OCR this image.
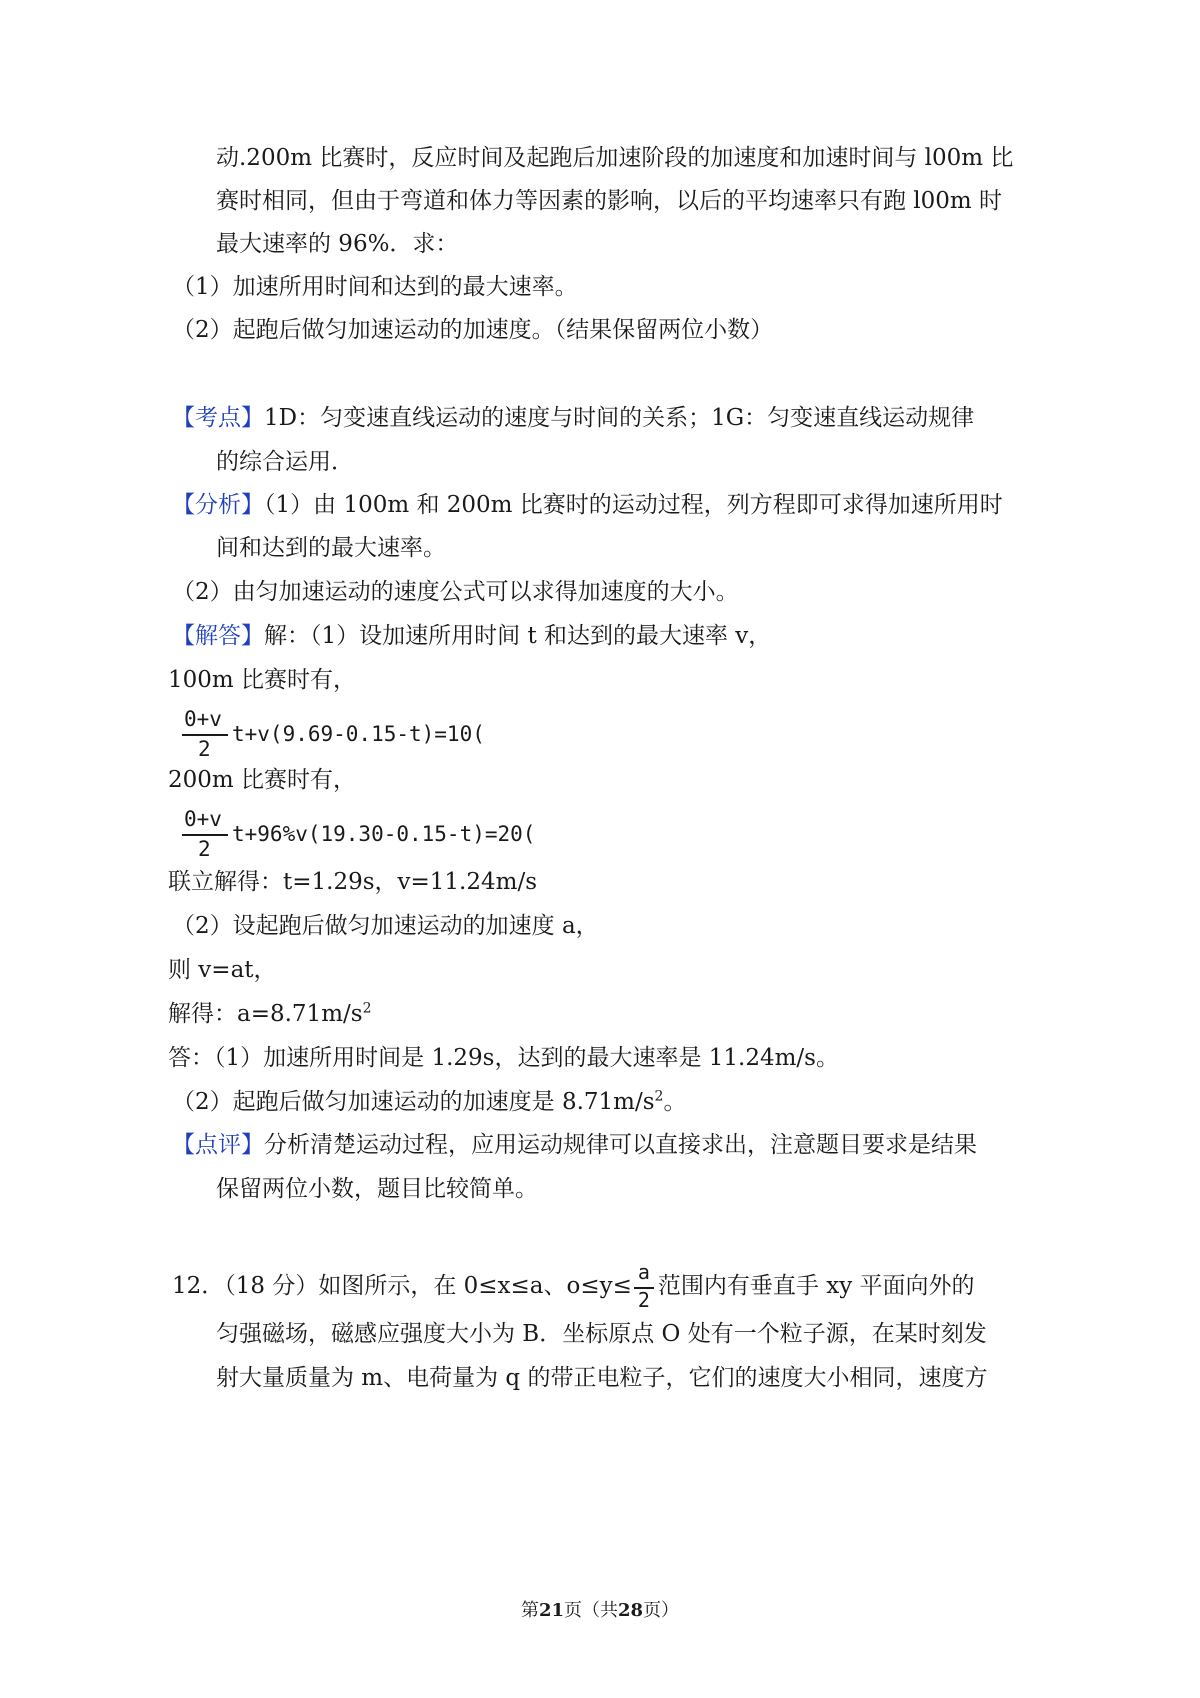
动.200m 比赛时，反应时间及起跑后加速阶段的加速度和加速时间与 l00m 比
赛时相同，但由于弯道和体力等因素的影响，以后的平均速率只有跑 l00m 时
最大速率的 96%．求：
（1）加速所用时间和达到的最大速率。
（2）起跑后做匀加速运动的加速度。（结果保留两位小数）
【考点】1D：匀变速直线运动的速度与时间的关系；1G：匀变速直线运动规律
的综合运用．
【分析】（1）由 100m 和 200m 比赛时的运动过程，列方程即可求得加速所用时
间和达到的最大速率。
（2）由匀加速运动的速度公式可以求得加速度的大小。
【解答】解：（1）设加速所用时间 t 和达到的最大速率 v，
100m 比赛时有，
0+v
2
t+v(9.69-0.15-t)=10(
200m 比赛时有，
0+v
2
t+96%v(19.30-0.15-t)=20(
联立解得：t=1.29s，v=11.24m/s
（2）设起跑后做匀加速运动的加速度 a，
则 v=at，
解得：$a=8.71m/s^2$
答：（1）加速所用时间是 1.29s，达到的最大速率是 11.24m/s。
（2）起跑后做匀加速运动的加速度是 $8.71m/s^2$。
【点评】分析清楚运动过程，应用运动规律可以直接求出，注意题目要求是结果
保留两位小数，题目比较简单。
12．（18 分）如图所示，在 0≤x≤a、$o\le y\le \frac{a}{2}$ 范围内有垂直手 xy 平面向外的
匀强磁场，磁感应强度大小为 B．坐标原点 O 处有一个粒子源，在某时刻发
射大量质量为 m、电荷量为 q 的带正电粒子，它们的速度大小相同，速度方
第21页（共28页）
